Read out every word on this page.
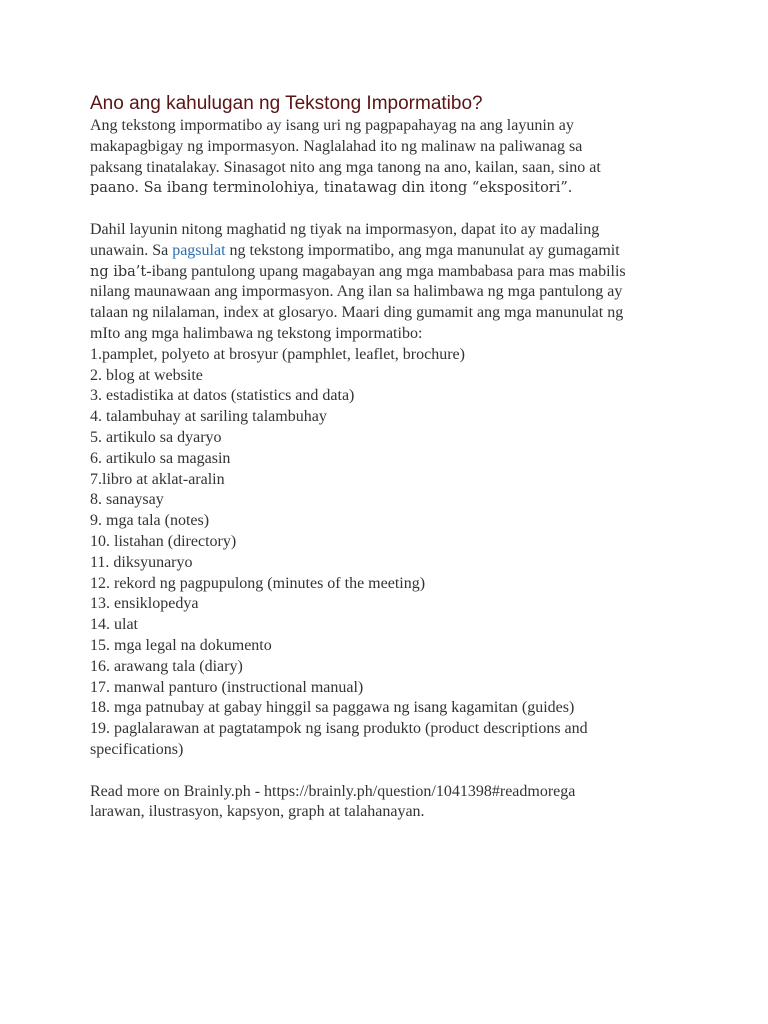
Ano ang kahulugan ng Tekstong Impormatibo?

Ang tekstong impormatibo ay isang uri ng pagpapahayag na ang layunin ay

makapagbigay ng impormasyon. Naglalahad ito ng malinaw na paliwanag sa

paksang tinatalakay. Sinasagot nito ang mga tanong na ano, kailan, saan, sino at

paano. Sa ibang terminolohiya, tinatawag din itong “ekspositori”.

Dahil layunin nitong maghatid ng tiyak na impormasyon, dapat ito ay madaling

unawain. Sa pagsulat ng tekstong impormatibo, ang mga manunulat ay gumagamit

ng iba’t-ibang pantulong upang magabayan ang mga mambabasa para mas mabilis

nilang maunawaan ang impormasyon. Ang ilan sa halimbawa ng mga pantulong ay

talaan ng nilalaman, index at glosaryo. Maari ding gumamit ang mga manunulat ng

mIto ang mga halimbawa ng tekstong impormatibo:

1.pamplet, polyeto at brosyur (pamphlet, leaflet, brochure)
2. blog at website
3. estadistika at datos (statistics and data)
4. talambuhay at sariling talambuhay
5. artikulo sa dyaryo
6. artikulo sa magasin
7.libro at aklat-aralin
8. sanaysay
9. mga tala (notes)
10. listahan (directory)
11. diksyunaryo
12. rekord ng pagpupulong (minutes of the meeting)
13. ensiklopedya
14. ulat
15. mga legal na dokumento
16. arawang tala (diary)
17. manwal panturo (instructional manual)
18. mga patnubay at gabay hinggil sa paggawa ng isang kagamitan (guides)
19. paglalarawan at pagtatampok ng isang produkto (product descriptions and
specifications)

Read more on Brainly.ph - https://brainly.ph/question/1041398#readmorega

larawan, ilustrasyon, kapsyon, graph at talahanayan.
